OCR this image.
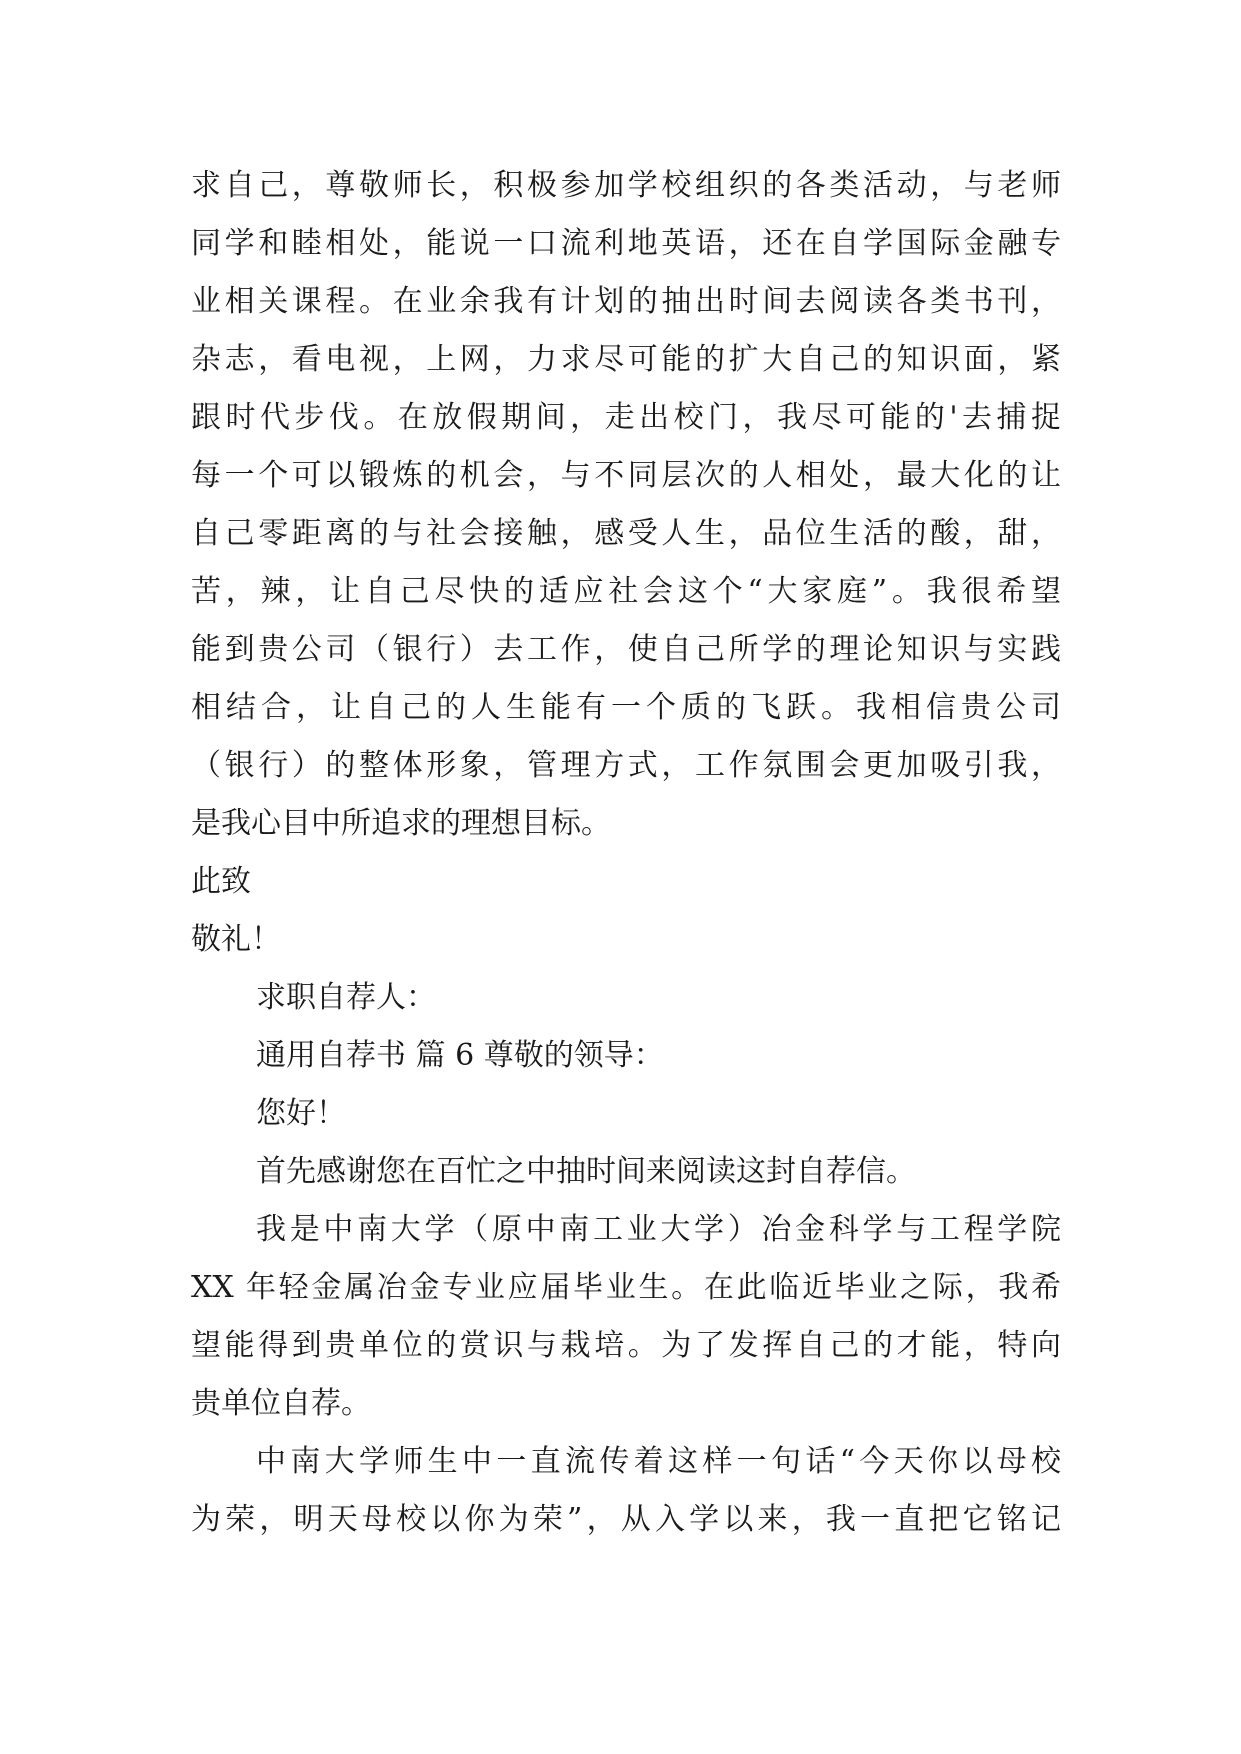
求自己，尊敬师长，积极参加学校组织的各类活动，与老师
同学和睦相处，能说一口流利地英语，还在自学国际金融专
业相关课程。在业余我有计划的抽出时间去阅读各类书刊，
杂志，看电视，上网，力求尽可能的扩大自己的知识面，紧
跟时代步伐。在放假期间，走出校门，我尽可能的'去捕捉
每一个可以锻炼的机会，与不同层次的人相处，最大化的让
自己零距离的与社会接触，感受人生，品位生活的酸，甜，
苦，辣，让自己尽快的适应社会这个“大家庭”。我很希望
能到贵公司（银行）去工作，使自己所学的理论知识与实践
相结合，让自己的人生能有一个质的飞跃。我相信贵公司
（银行）的整体形象，管理方式，工作氛围会更加吸引我，
是我心目中所追求的理想目标。
此致
敬礼！
求职自荐人：
通用自荐书 篇 6 尊敬的领导：
您好！
首先感谢您在百忙之中抽时间来阅读这封自荐信。
我是中南大学（原中南工业大学）冶金科学与工程学院
XX 年轻金属冶金专业应届毕业生。在此临近毕业之际，我希
望能得到贵单位的赏识与栽培。为了发挥自己的才能，特向
贵单位自荐。
中南大学师生中一直流传着这样一句话“今天你以母校
为荣，明天母校以你为荣”，从入学以来，我一直把它铭记
